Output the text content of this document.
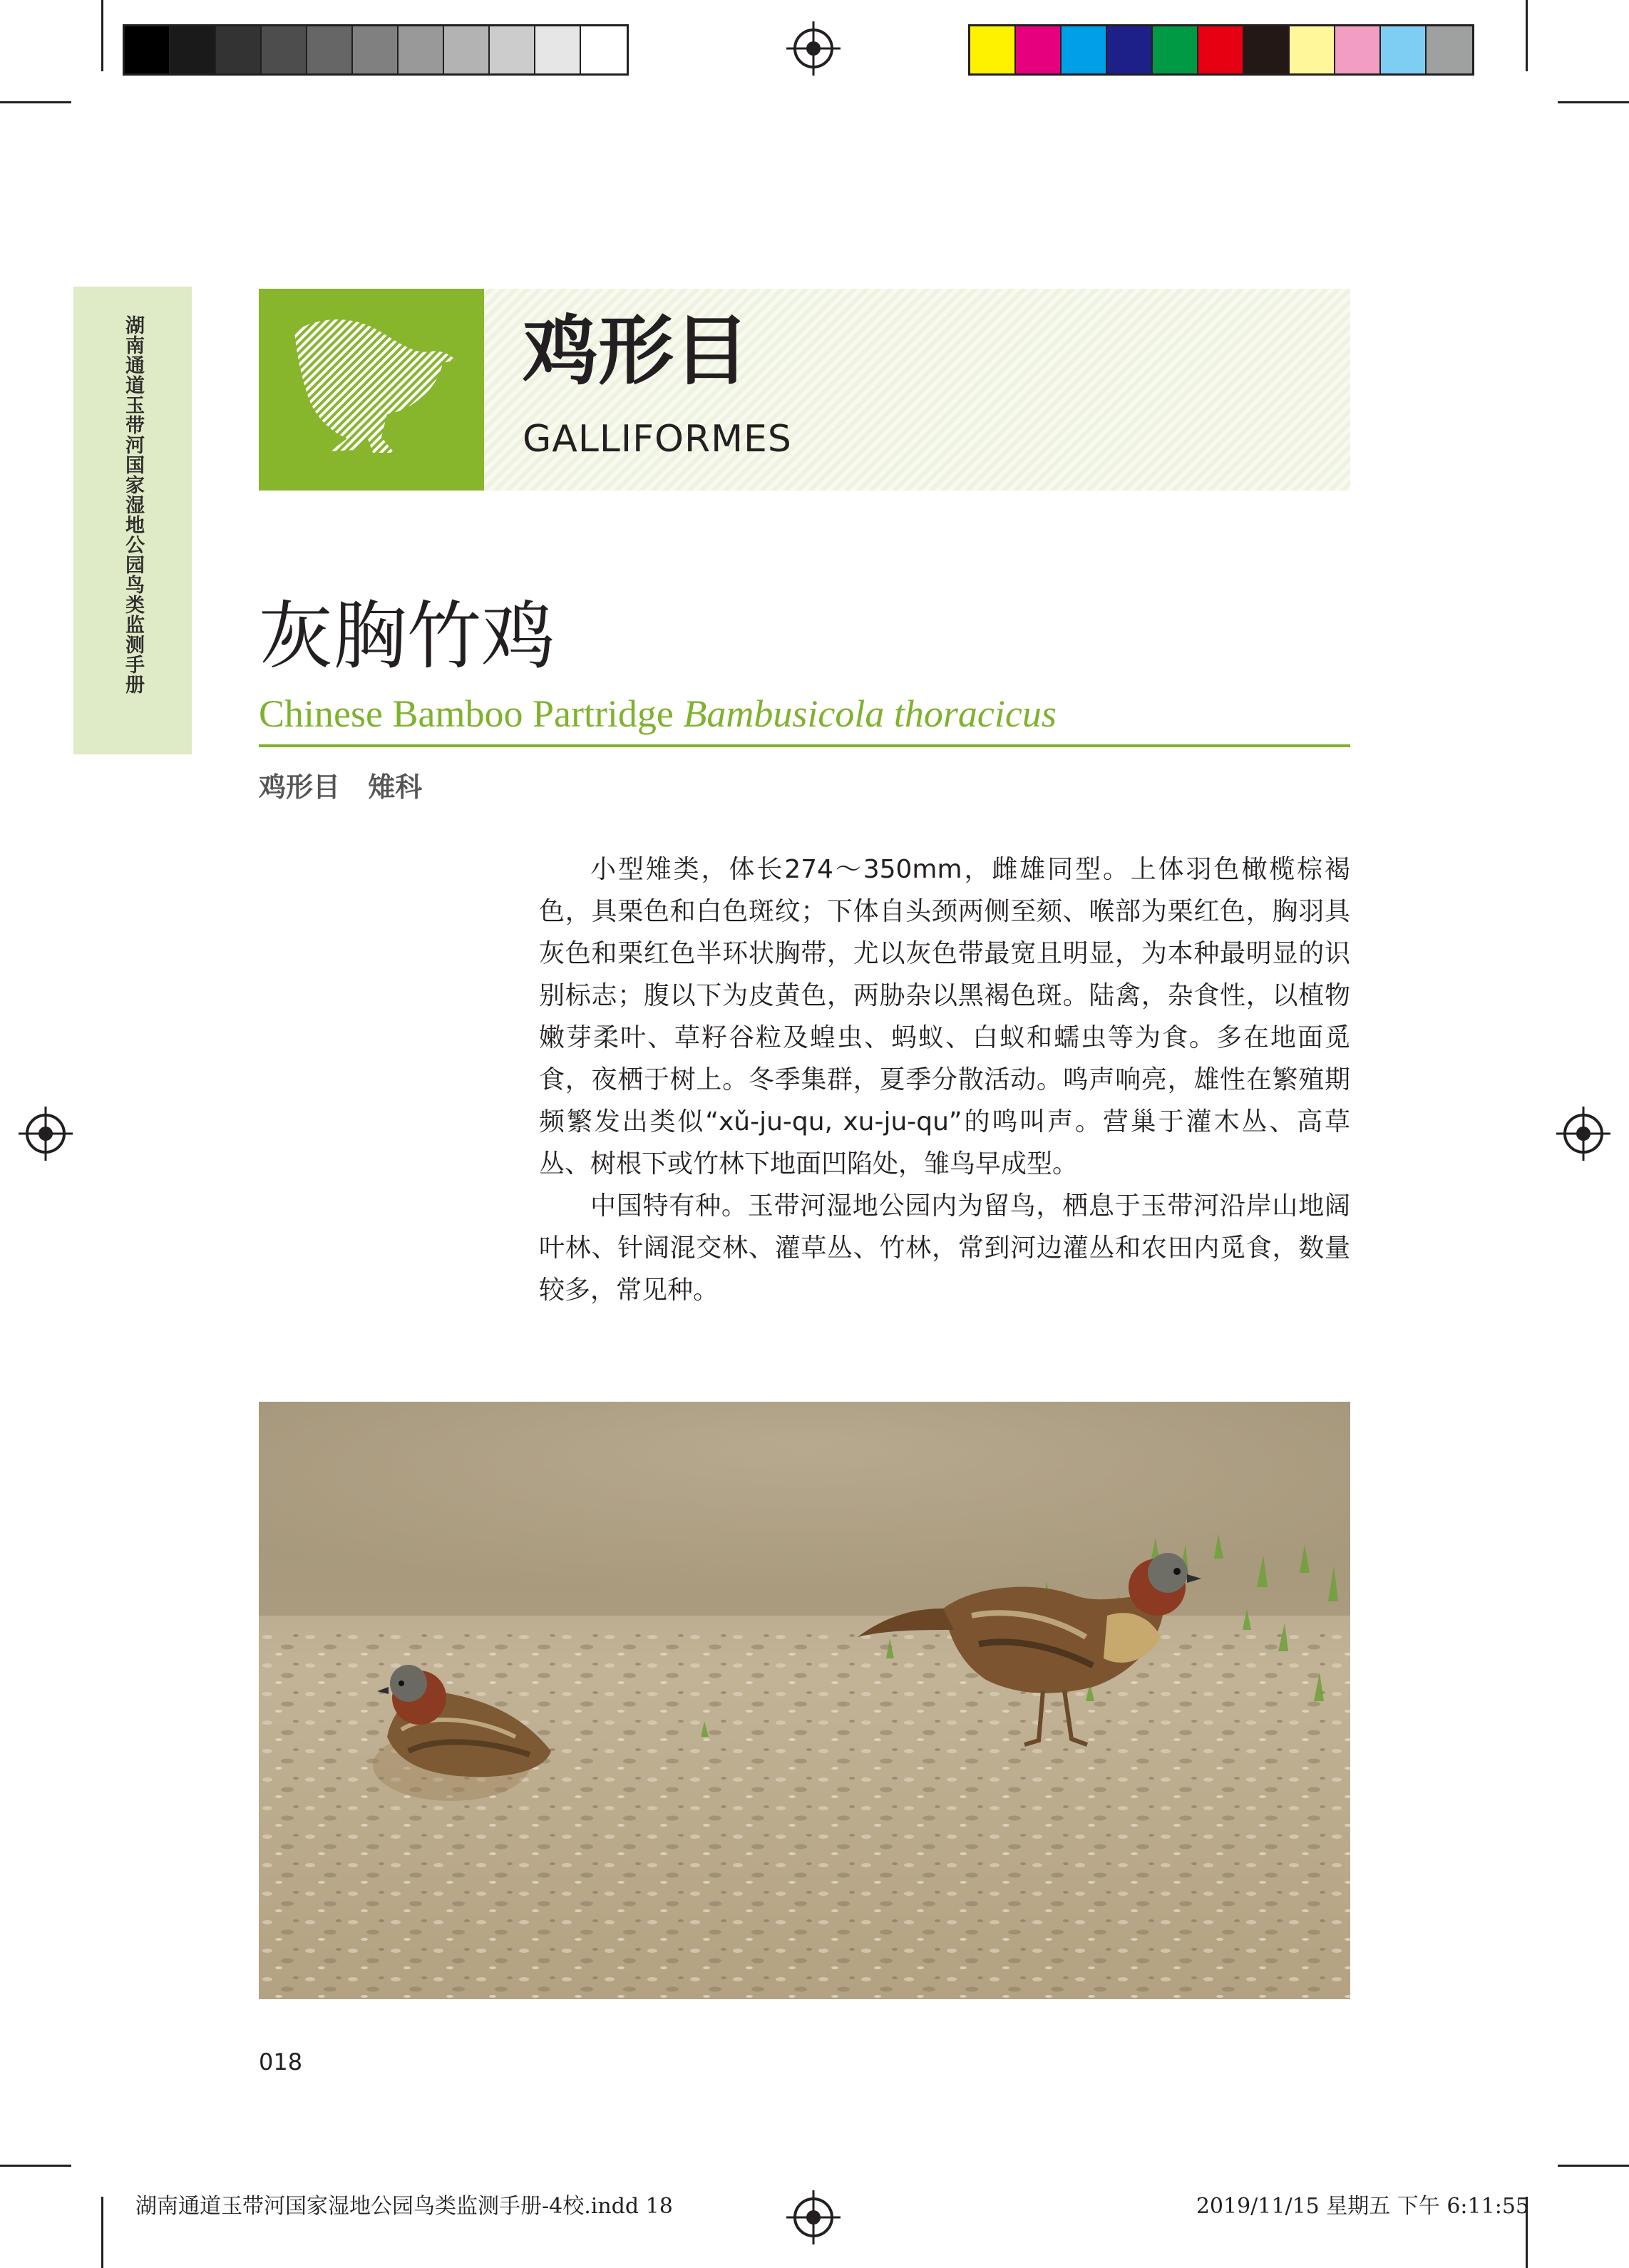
湖南通道玉带河国家湿地公园鸟类监测手册	鸡形目
GALLIFORMES
灰胸竹鸡
Chinese Bamboo Partridge Bambusicola thoracicus
鸡形目 雉科

小型雉类，体长274～350mm，雌雄同型。上体羽色橄榄棕褐色，具栗色和白色斑纹；下体自头颈两侧至颏、喉部为栗红色，胸羽具灰色和栗红色半环状胸带，尤以灰色带最宽且明显，为本种最明显的识别标志；腹以下为皮黄色，两胁杂以黑褐色斑。陆禽，杂食性，以植物嫩芽柔叶、草籽谷粒及蝗虫、蚂蚁、白蚁和蠕虫等为食。多在地面觅食，夜栖于树上。冬季集群，夏季分散活动。鸣声响亮，雄性在繁殖期频繁发出类似“xǔ-ju-qu, xu-ju-qu”的鸣叫声。营巢于灌木丛、高草丛、树根下或竹林下地面凹陷处，雏鸟早成型。

中国特有种。玉带河湿地公园内为留鸟，栖息于玉带河沿岸山地阔叶林、针阔混交林、灌草丛、竹林，常到河边灌丛和农田内觅食，数量较多，常见种。

018
湖南通道玉带河国家湿地公园鸟类监测手册-4校.indd 18	2019/11/15 星期五 下午 6:11:55
